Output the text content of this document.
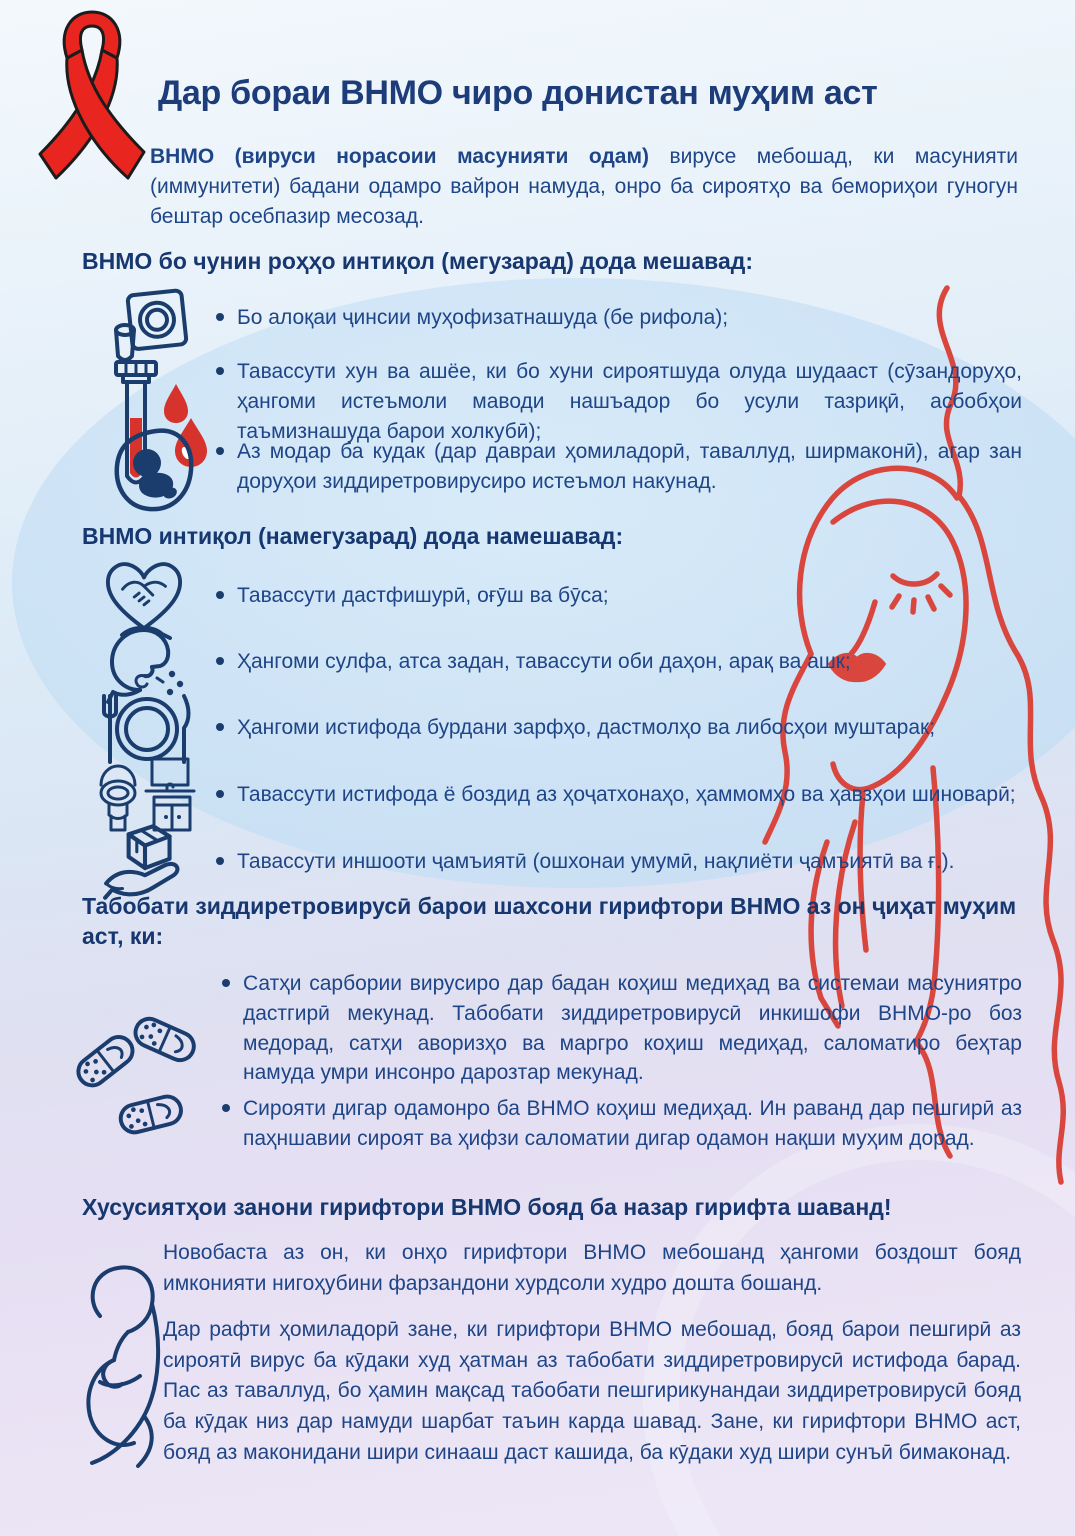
Дар бораи ВНМО чиро донистан муҳим аст

ВНМО (вируси норасоии масунияти одам) вирусе мебошад, ки масунияти (иммунитети) бадани одамро вайрон намуда, онро ба сироятҳо ва бемориҳои гуногун бештар осебпазир месозад.

ВНМО бо чунин роҳҳо интиқол (мегузарад) дода мешавад:
Бо алоқаи ҷинсии муҳофизатнашуда (бе рифола);
Тавассути хун ва ашёе, ки бо хуни сироятшуда олуда шудааст (сӯзандоруҳо, ҳангоми истеъмоли маводи нашъадор бо усули тазриқӣ, асбобҳои таъмизнашуда барои холкубӣ);
Аз модар ба кудак (дар давраи ҳомиладорӣ, таваллуд, ширмаконӣ), агар зан доруҳои зиддиретровирусиро истеъмол накунад.
ВНМО интиқол (намегузарад) дода намешавад:
Тавассути дастфишурӣ, оғӯш ва бӯса;
Ҳангоми сулфа, атса задан, тавассути оби даҳон, арақ ва ашк;
Ҳангоми истифода бурдани зарфҳо, дастмолҳо ва либосҳои муштарак;
Тавассути истифода ё боздид аз ҳоҷатхонаҳо, ҳаммомҳо ва ҳавзҳои шиноварӣ;
Тавассути иншооти ҷамъиятӣ (ошхонаи умумӣ, нақлиёти ҷамъиятӣ ва ғ.).
Табобати зиддиретровирусӣ барои шахсони гирифтори ВНМО аз он ҷиҳат муҳим аст, ки:
Сатҳи сарбории вирусиро дар бадан коҳиш медиҳад ва системаи масуниятро дастгирӣ мекунад. Табобати зиддиретровирусӣ инкишофи ВНМО-ро боз медорад, сатҳи аворизҳо ва маргро коҳиш медиҳад, саломатиро беҳтар намуда умри инсонро дарозтар мекунад.
Сирояти дигар одамонро ба ВНМО коҳиш медиҳад. Ин раванд дар пешгирӣ аз паҳншавии сироят ва ҳифзи саломатии дигар одамон нақши муҳим дорад.
Хусусиятҳои занони гирифтори ВНМО бояд ба назар гирифта шаванд!

Новобаста аз он, ки онҳо гирифтори ВНМО мебошанд ҳангоми боздошт бояд имконияти нигоҳубини фарзандони хурдсоли худро дошта бошанд.

Дар рафти ҳомиладорӣ зане, ки гирифтори ВНМО мебошад, бояд барои пешгирӣ аз сироятӣ вирус ба кӯдаки худ ҳатман аз табобати зиддиретровирусӣ истифода барад. Пас аз таваллуд, бо ҳамин мақсад табобати пешгирикунандаи зиддиретровирусӣ бояд ба кӯдак низ дар намуди шарбат таъин карда шавад. Зане, ки гирифтори ВНМО аст, бояд аз маконидани шири синааш даст кашида, ба кӯдаки худ шири сунъӣ бимаконад.
